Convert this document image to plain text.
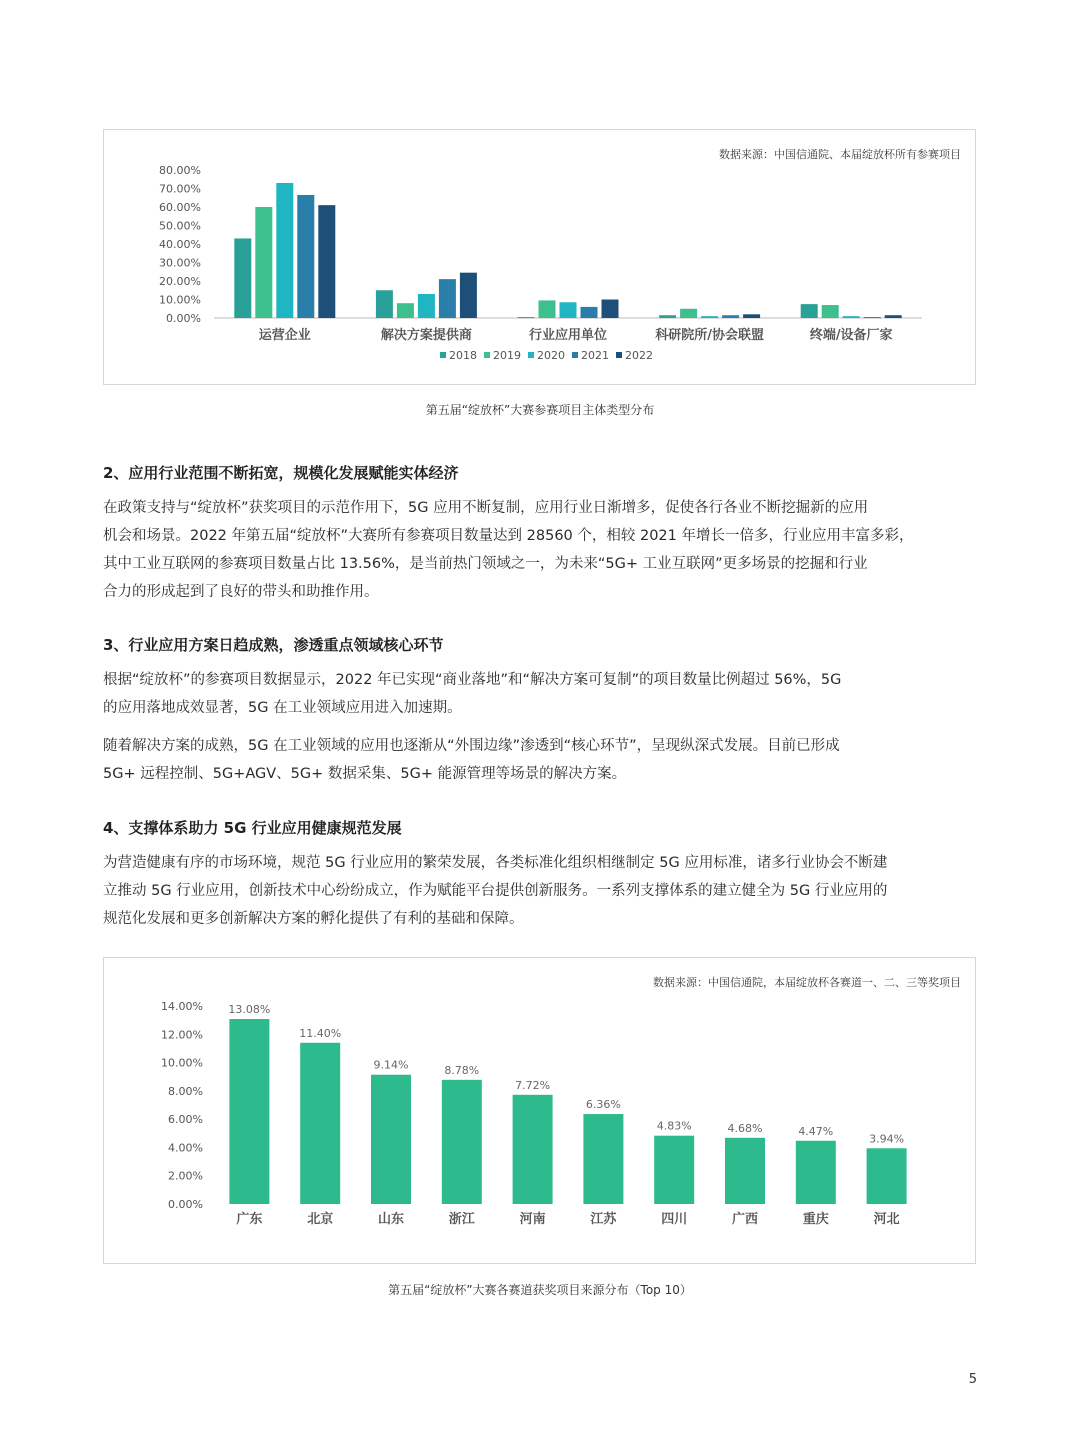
数据来源：中国信通院、本届绽放杯所有参赛项目
0.00%
10.00%
20.00%
30.00%
40.00%
50.00%
60.00%
70.00%
80.00%
运营企业	解决方案提供商	行业应用单位	科研院所/协会联盟	终端/设备厂家
2018 2019 2020 2021 2022
第五届“绽放杯”大赛参赛项目主体类型分布
2、应用行业范围不断拓宽，规模化发展赋能实体经济
在政策支持与“绽放杯”获奖项目的示范作用下，5G 应用不断复制，应用行业日渐增多，促使各行各业不断挖掘新的应用
机会和场景。2022 年第五届“绽放杯”大赛所有参赛项目数量达到 28560 个，相较 2021 年增长一倍多，行业应用丰富多彩，
其中工业互联网的参赛项目数量占比 13.56%，是当前热门领域之一，为未来“5G+ 工业互联网”更多场景的挖掘和行业
合力的形成起到了良好的带头和助推作用。
3、行业应用方案日趋成熟，渗透重点领域核心环节
根据“绽放杯”的参赛项目数据显示，2022 年已实现“商业落地”和“解决方案可复制”的项目数量比例超过 56%，5G
的应用落地成效显著，5G 在工业领域应用进入加速期。
随着解决方案的成熟，5G 在工业领域的应用也逐渐从“外围边缘”渗透到“核心环节”，呈现纵深式发展。目前已形成
5G+ 远程控制、5G+AGV、5G+ 数据采集、5G+ 能源管理等场景的解决方案。
4、支撑体系助力 5G 行业应用健康规范发展
为营造健康有序的市场环境，规范 5G 行业应用的繁荣发展，各类标准化组织相继制定 5G 应用标准，诸多行业协会不断建
立推动 5G 行业应用，创新技术中心纷纷成立，作为赋能平台提供创新服务。一系列支撑体系的建立健全为 5G 行业应用的
规范化发展和更多创新解决方案的孵化提供了有利的基础和保障。
数据来源：中国信通院，本届绽放杯各赛道一、二、三等奖项目
0.00%
2.00%
4.00%
6.00%
8.00%
10.00%
12.00%
14.00% 13.08%
广东
11.40%
北京
9.14%
山东
8.78%
浙江
7.72%
河南
6.36%
江苏
4.83%
四川
4.68%
广西
4.47%
重庆
3.94%
河北
第五届“绽放杯”大赛各赛道获奖项目来源分布（Top 10）
5
